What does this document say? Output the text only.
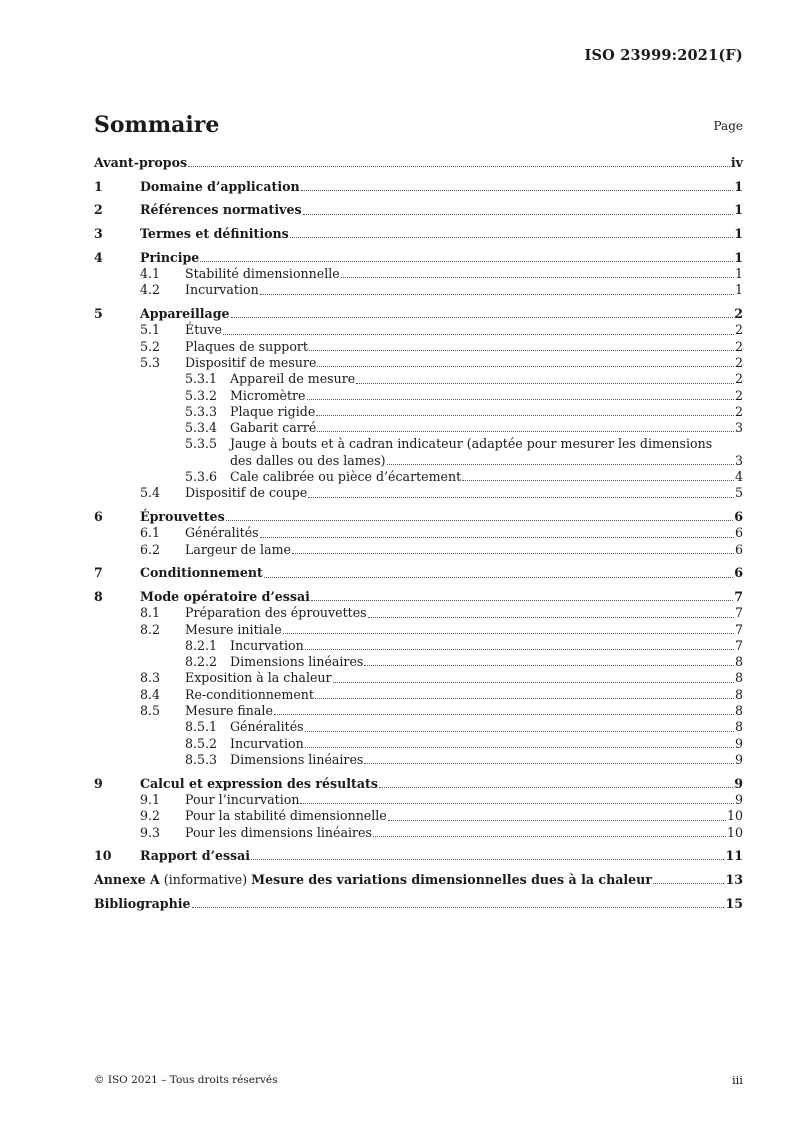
ISO 23999:2021(F)
Sommaire	Page
Avant-propos	iv
1	Domaine d’application	1
2	Références normatives	1
3	Termes et définitions	1
4	Principe	1
4.1	Stabilité dimensionnelle	1
4.2	Incurvation	1
5	Appareillage	2
5.1	Étuve	2
5.2	Plaques de support	2
5.3	Dispositif de mesure	2
5.3.1	Appareil de mesure	2
5.3.2	Micromètre	2
5.3.3	Plaque rigide	2
5.3.4	Gabarit carré	3
5.3.5	Jauge à bouts et à cadran indicateur (adaptée pour mesurer les dimensions
des dalles ou des lames)	3
5.3.6	Cale calibrée ou pièce d’écartement	4
5.4	Dispositif de coupe	5
6	Éprouvettes	6
6.1	Généralités	6
6.2	Largeur de lame	6
7	Conditionnement	6
8	Mode opératoire d’essai	7
8.1	Préparation des éprouvettes	7
8.2	Mesure initiale	7
8.2.1	Incurvation	7
8.2.2	Dimensions linéaires	8
8.3	Exposition à la chaleur	8
8.4	Re-conditionnement	8
8.5	Mesure finale	8
8.5.1	Généralités	8
8.5.2	Incurvation	9
8.5.3	Dimensions linéaires	9
9	Calcul et expression des résultats	9
9.1	Pour l’incurvation	9
9.2	Pour la stabilité dimensionnelle	10
9.3	Pour les dimensions linéaires	10
10	Rapport d’essai	11
Annexe A (informative) Mesure des variations dimensionnelles dues à la chaleur	13
Bibliographie	15
© ISO 2021 – Tous droits réservés	iii
